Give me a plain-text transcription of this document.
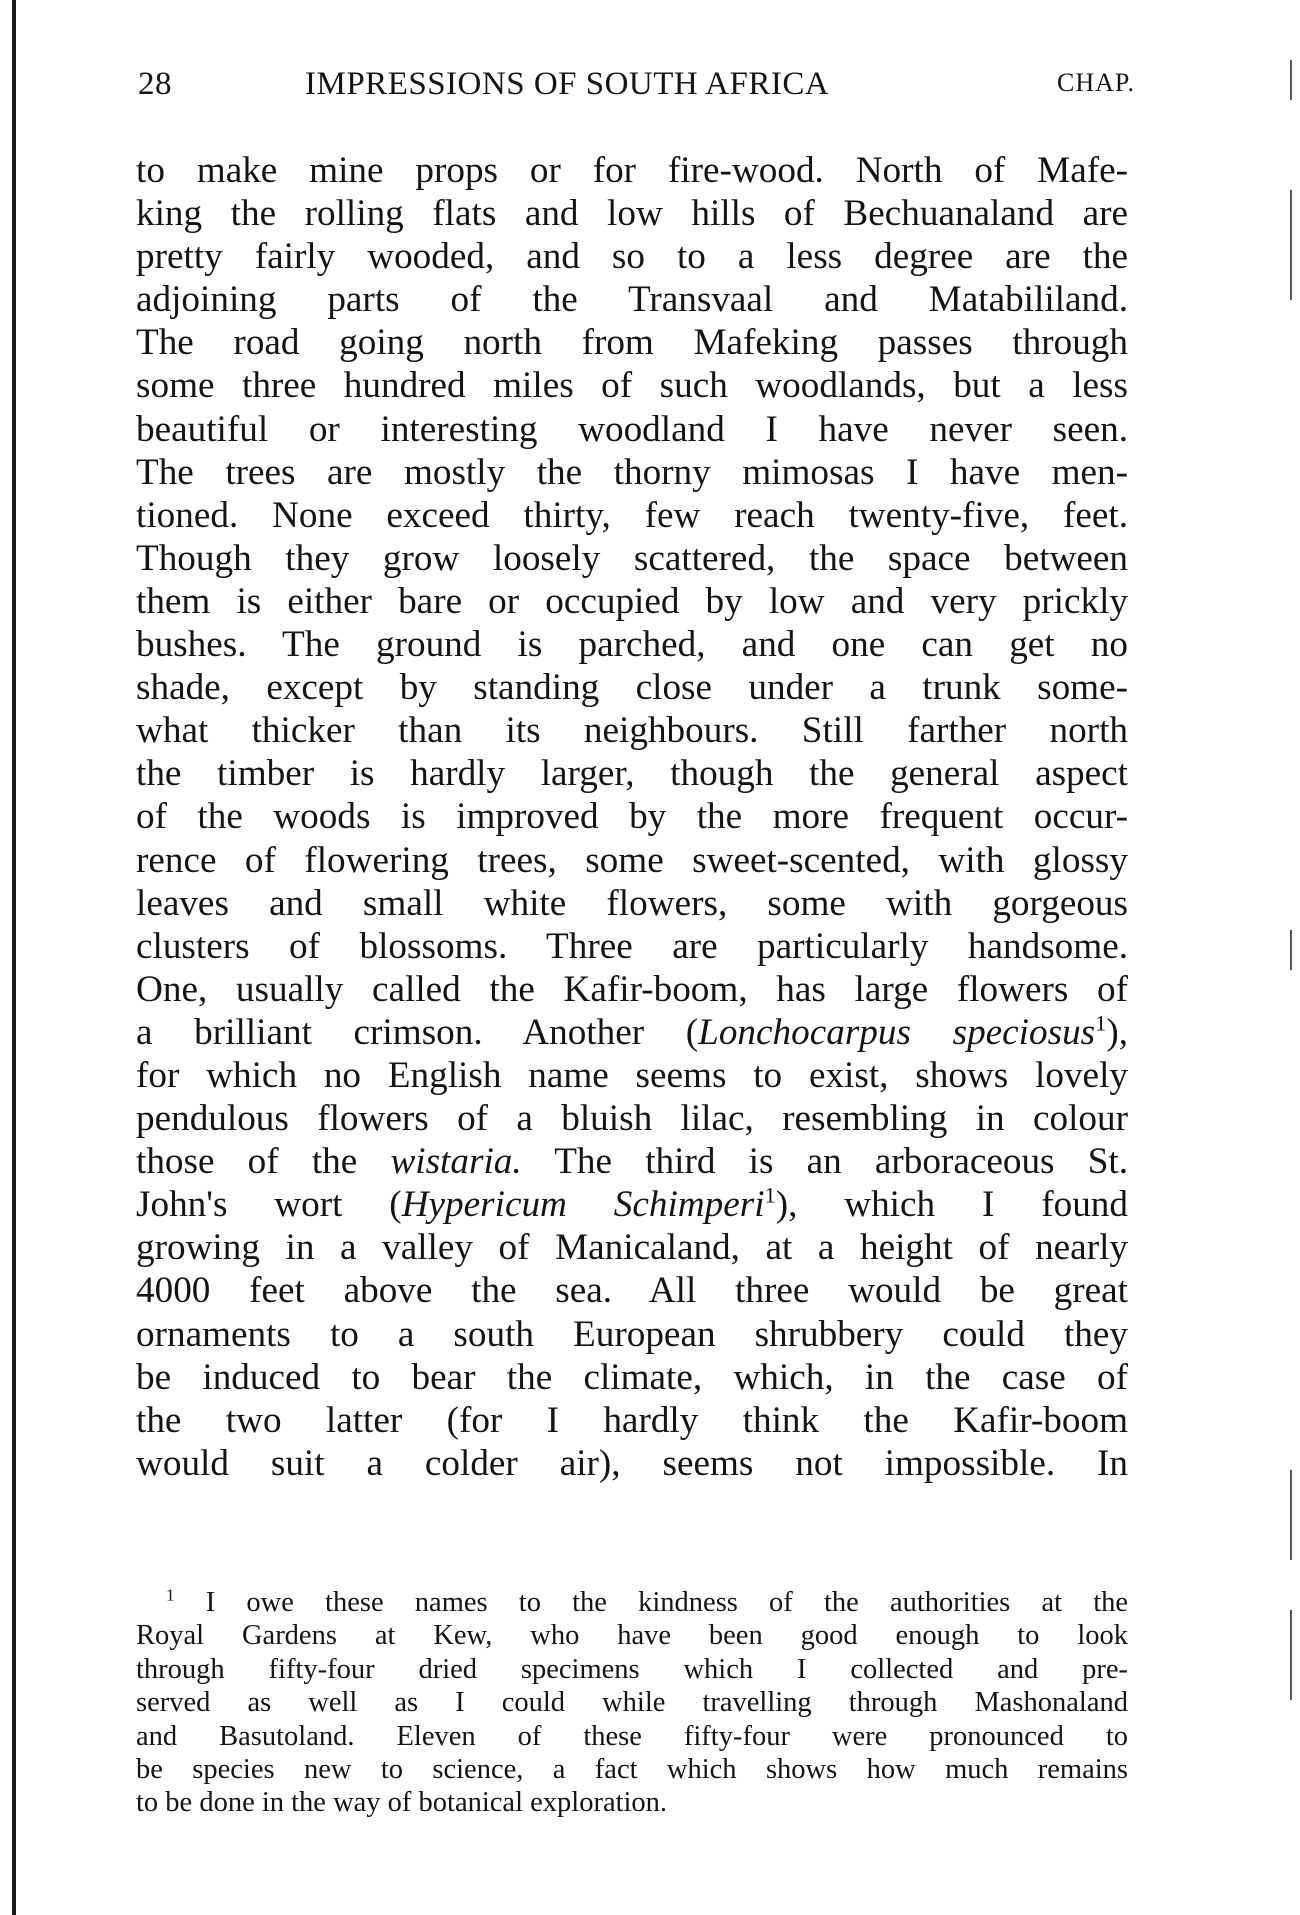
28	IMPRESSIONS OF SOUTH AFRICA	CHAP.
to make mine props or for fire-wood. North of Mafe-
king the rolling flats and low hills of Bechuanaland are
pretty fairly wooded, and so to a less degree are the
adjoining parts of the Transvaal and Matabililand.
The road going north from Mafeking passes through
some three hundred miles of such woodlands, but a less
beautiful or interesting woodland I have never seen.
The trees are mostly the thorny mimosas I have men-
tioned. None exceed thirty, few reach twenty-five, feet.
Though they grow loosely scattered, the space between
them is either bare or occupied by low and very prickly
bushes. The ground is parched, and one can get no
shade, except by standing close under a trunk some-
what thicker than its neighbours. Still farther north
the timber is hardly larger, though the general aspect
of the woods is improved by the more frequent occur-
rence of flowering trees, some sweet-scented, with glossy
leaves and small white flowers, some with gorgeous
clusters of blossoms. Three are particularly handsome.
One, usually called the Kafir-boom, has large flowers of
a brilliant crimson. Another (Lonchocarpus speciosus$^1$),
for which no English name seems to exist, shows lovely
pendulous flowers of a bluish lilac, resembling in colour
those of the wistaria. The third is an arboraceous St.
John's wort (Hypericum Schimperi$^1$), which I found
growing in a valley of Manicaland, at a height of nearly
4000 feet above the sea. All three would be great
ornaments to a south European shrubbery could they
be induced to bear the climate, which, in the case of
the two latter (for I hardly think the Kafir-boom
would suit a colder air), seems not impossible. In
$^1$ I owe these names to the kindness of the authorities at the
Royal Gardens at Kew, who have been good enough to look
through fifty-four dried specimens which I collected and pre-
served as well as I could while travelling through Mashonaland
and Basutoland. Eleven of these fifty-four were pronounced to
be species new to science, a fact which shows how much remains
to be done in the way of botanical exploration.
